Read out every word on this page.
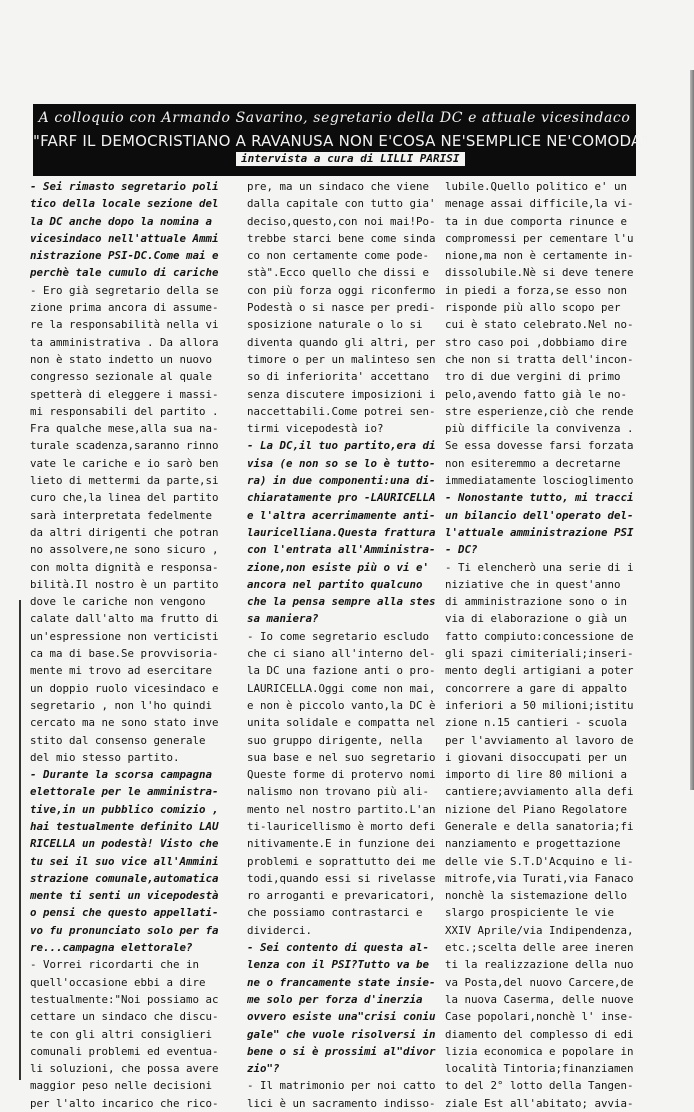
A colloquio con Armando Savarino, segretario della DC e attuale vicesindaco
"FARF IL DEMOCRISTIANO A RAVANUSA NON E'COSA NE'SEMPLICE NE'COMODA"
intervista a cura di LILLI PARISI

- Sei rimasto segretario poli
tico della locale sezione del
la DC anche dopo la nomina a
vicesindaco nell'attuale Ammi
nistrazione PSI-DC.Come mai e
perchè tale cumulo di cariche

- Ero già segretario della se
zione prima ancora di assume-
re la responsabilità nella vi
ta amministrativa . Da allora
non è stato indetto un nuovo
congresso sezionale al quale
spetterà di eleggere i massi-
mi responsabili del partito .
Fra qualche mese,alla sua na-
turale scadenza,saranno rinno
vate le cariche e io sarò ben
lieto di mettermi da parte,si
curo che,la linea del partito
sarà interpretata fedelmente
da altri dirigenti che potran
no assolvere,ne sono sicuro ,
con molta dignità e responsa-
bilità.Il nostro è un partito
dove le cariche non vengono
calate dall'alto ma frutto di
un'espressione non verticisti
ca ma di base.Se provvisoria-
mente mi trovo ad esercitare
un doppio ruolo vicesindaco e
segretario , non l'ho quindi
cercato ma ne sono stato inve
stito dal consenso generale
del mio stesso partito.

- Durante la scorsa campagna
elettorale per le amministra-
tive,in un pubblico comizio ,
hai testualmente definito LAU
RICELLA un podestà! Visto che
tu sei il suo vice all'Ammini
strazione comunale,automatica
mente ti senti un vicepodestà
o pensi che questo appellati-
vo fu pronunciato solo per fa
re...campagna elettorale?

- Vorrei ricordarti che in
quell'occasione ebbi a dire
testualmente:"Noi possiamo ac
cettare un sindaco che discu-
te con gli altri consiglieri
comunali problemi ed eventua-
li soluzioni, che possa avere
maggior peso nelle decisioni
per l'alto incarico che rico-

pre, ma un sindaco che viene
dalla capitale con tutto gia'
deciso,questo,con noi mai!Po-
trebbe starci bene come sinda
co non certamente come pode-
stà".Ecco quello che dissi e
con più forza oggi riconfermo
Podestà o si nasce per predi-
sposizione naturale o lo si
diventa quando gli altri, per
timore o per un malinteso sen
so di inferiorita' accettano
senza discutere imposizioni i
naccettabili.Come potrei sen-
tirmi vicepodestà io?

- La DC,il tuo partito,era di
visa (e non so se lo è tutto-
ra) in due componenti:una di-
chiaratamente pro -LAURICELLA
e l'altra acerrimamente anti-
lauricelliana.Questa frattura
con l'entrata all'Amministra-
zione,non esiste più o vi e'
ancora nel partito qualcuno
che la pensa sempre alla stes
sa maniera?

- Io come segretario escludo
che ci siano all'interno del-
la DC una fazione anti o pro-
LAURICELLA.Oggi come non mai,
e non è piccolo vanto,la DC è
unita solidale e compatta nel
suo gruppo dirigente, nella
sua base e nel suo segretario
Queste forme di protervo nomi
nalismo non trovano più ali-
mento nel nostro partito.L'an
ti-lauricellismo è morto defi
nitivamente.E in funzione dei
problemi e soprattutto dei me
todi,quando essi si rivelasse
ro arroganti e prevaricatori,
che possiamo contrastarci e
dividerci.

- Sei contento di questa al-
lenza con il PSI?Tutto va be
ne o francamente state insie-
me solo per forza d'inerzia
ovvero esiste una"crisi coniu
gale" che vuole risolversi in
bene o si è prossimi al"divor
zio"?

- Il matrimonio per noi catto
lici è un sacramento indisso-

lubile.Quello politico e' un
menage assai difficile,la vi-
ta in due comporta rinunce e
compromessi per cementare l'u
nione,ma non è certamente in-
dissolubile.Nè si deve tenere
in piedi a forza,se esso non
risponde più allo scopo per
cui è stato celebrato.Nel no-
stro caso poi ,dobbiamo dire
che non si tratta dell'incon-
tro di due vergini di primo
pelo,avendo fatto già le no-
stre esperienze,ciò che rende
più difficile la convivenza .
Se essa dovesse farsi forzata
non esiteremmo a decretarne
immediatamente loscioglimento

- Nonostante tutto, mi tracci
un bilancio dell'operato del-
l'attuale amministrazione PSI
- DC?

- Ti elencherò una serie di i
niziative che in quest'anno
di amministrazione sono o in
via di elaborazione o già un
fatto compiuto:concessione de
gli spazi cimiteriali;inseri-
mento degli artigiani a poter
concorrere a gare di appalto
inferiori a 50 milioni;istitu
zione n.15 cantieri - scuola
per l'avviamento al lavoro de
i giovani disoccupati per un
importo di lire 80 milioni a
cantiere;avviamento alla defi
nizione del Piano Regolatore
Generale e della sanatoria;fi
nanziamento e progettazione
delle vie S.T.D'Acquino e li-
mitrofe,via Turati,via Fanaco
nonchè la sistemazione dello
slargo prospiciente le vie
XXIV Aprile/via Indipendenza,
etc.;scelta delle aree ineren
ti la realizzazione della nuo
va Posta,del nuovo Carcere,de
la nuova Caserma, delle nuove
Case popolari,nonchè l' inse-
diamento del complesso di edi
lizia economica e popolare in
località Tintoria;finanziamen
to del 2° lotto della Tangen-
ziale Est all'abitato; avvia-
